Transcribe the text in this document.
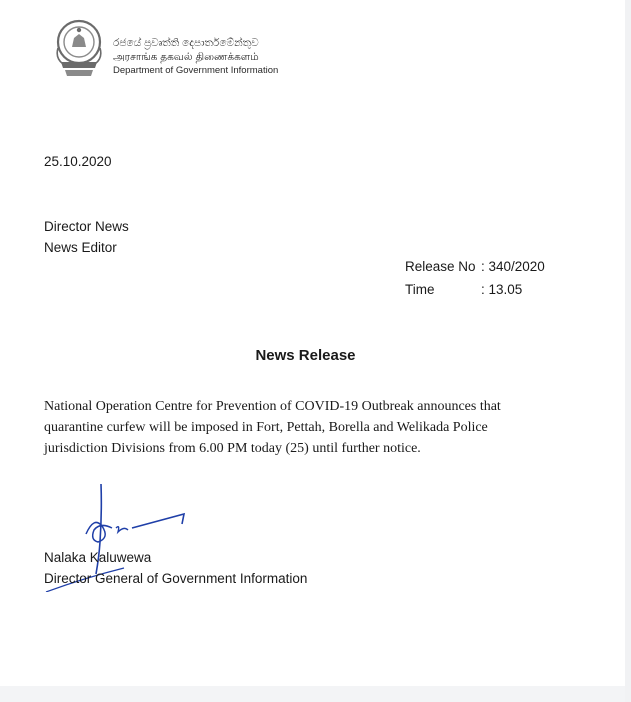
රජයේ ප්‍රවෘත්ති දෙපාර්තමේන්තුව
அரசாங்க தகவல் திணைக்களம்
Department of Government Information
25.10.2020
Director News
News Editor
Release No : 340/2020
Time	: 13.05
News Release
National Operation Centre for Prevention of COVID-19 Outbreak announces that
quarantine curfew will be imposed in Fort, Pettah, Borella and Welikada Police
jurisdiction Divisions from 6.00 PM today (25) until further notice.
Nalaka Kaluwewa
Director General of Government Information
